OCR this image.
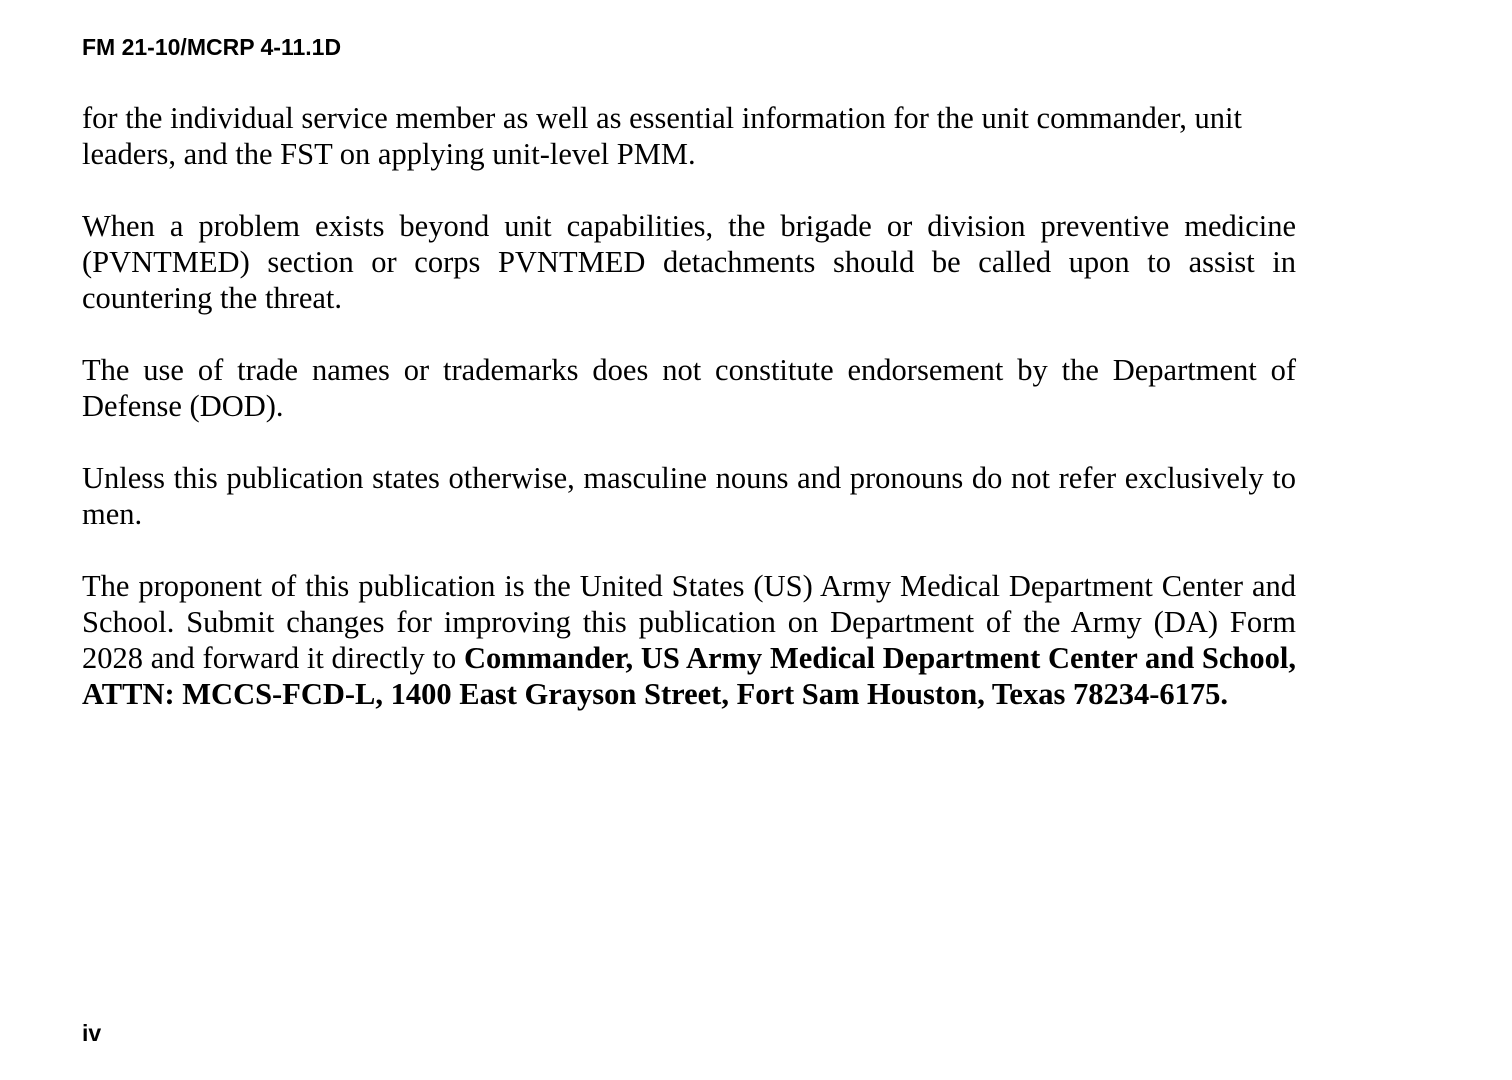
FM 21-10/MCRP 4-11.1D

for the individual service member as well as essential information for the unit commander, unit leaders, and the FST on applying unit-level PMM.

When a problem exists beyond unit capabilities, the brigade or division preventive medicine (PVNTMED) section or corps PVNTMED detachments should be called upon to assist in countering the threat.

The use of trade names or trademarks does not constitute endorsement by the Department of Defense (DOD).

Unless this publication states otherwise, masculine nouns and pronouns do not refer exclusively to men.

The proponent of this publication is the United States (US) Army Medical Department Center and School. Submit changes for improving this publication on Department of the Army (DA) Form 2028 and forward it directly to Commander, US Army Medical Department Center and School, ATTN: MCCS-FCD-L, 1400 East Grayson Street, Fort Sam Houston, Texas 78234-6175.

iv
